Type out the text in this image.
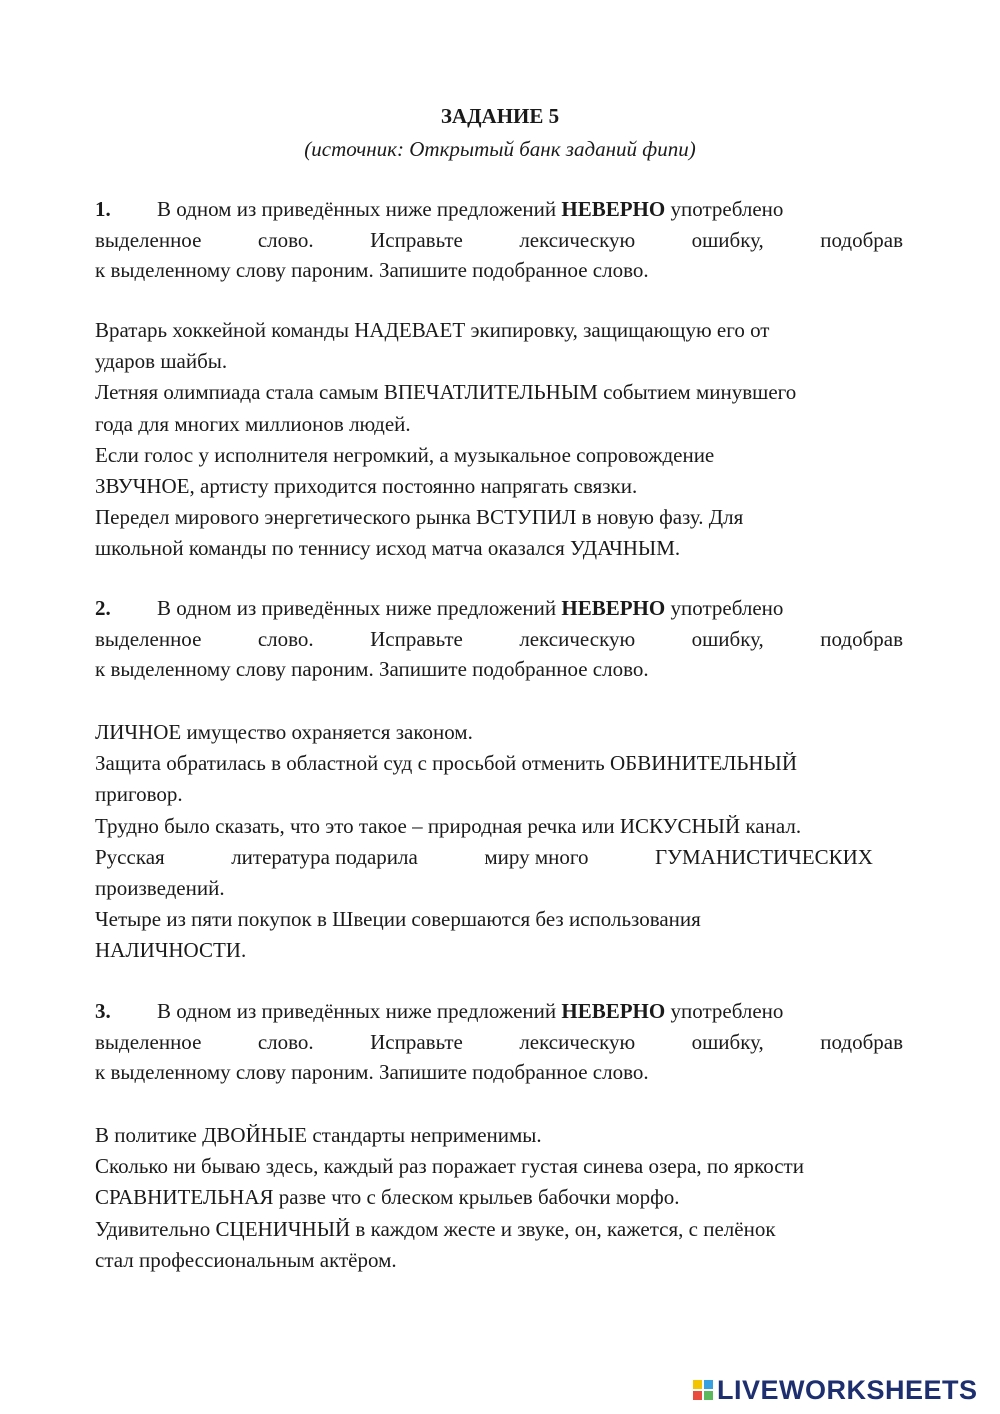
ЗАДАНИЕ 5
(источник: Открытый банк заданий фипи)
1.	В одном из приведённых ниже предложений
НЕВЕРНО
употреблено
выделенное	слово.	Исправьте	лексическую	ошибку,	подобрав
к выделенному слову пароним. Запишите подобранное слово.
Вратарь хоккейной команды НАДЕВАЕТ экипировку, защищающую его от
ударов шайбы.
Летняя олимпиада стала самым ВПЕЧАТЛИТЕЛЬНЫМ событием минувшего
года для многих миллионов людей.
Если голос у исполнителя негромкий, а музыкальное сопровождение
ЗВУЧНОЕ, артисту приходится постоянно напрягать связки.
Передел мирового энергетического рынка ВСТУПИЛ в новую фазу. Для
школьной команды по теннису исход матча оказался УДАЧНЫМ.
2.	В одном из приведённых ниже предложений
НЕВЕРНО
употреблено
выделенное	слово.	Исправьте	лексическую	ошибку,	подобрав
к выделенному слову пароним. Запишите подобранное слово.
ЛИЧНОЕ имущество охраняется законом.
Защита обратилась в областной суд с просьбой отменить ОБВИНИТЕЛЬНЫЙ
приговор.
Трудно было сказать, что это такое – природная речка или ИСКУСНЫЙ канал.
Русская	литература подарила	миру много	ГУМАНИСТИЧЕСКИХ
произведений.
Четыре из пяти покупок в Швеции совершаются без использования
НАЛИЧНОСТИ.
3.	В одном из приведённых ниже предложений
НЕВЕРНО
употреблено
выделенное	слово.	Исправьте	лексическую	ошибку,	подобрав
к выделенному слову пароним. Запишите подобранное слово.
В политике ДВОЙНЫЕ стандарты неприменимы.
Сколько ни бываю здесь, каждый раз поражает густая синева озера, по яркости
СРАВНИТЕЛЬНАЯ разве что с блеском крыльев бабочки морфо.
Удивительно СЦЕНИЧНЫЙ в каждом жесте и звуке, он, кажется, с пелёнок
стал профессиональным актёром.
LIVEWORKSHEETS
